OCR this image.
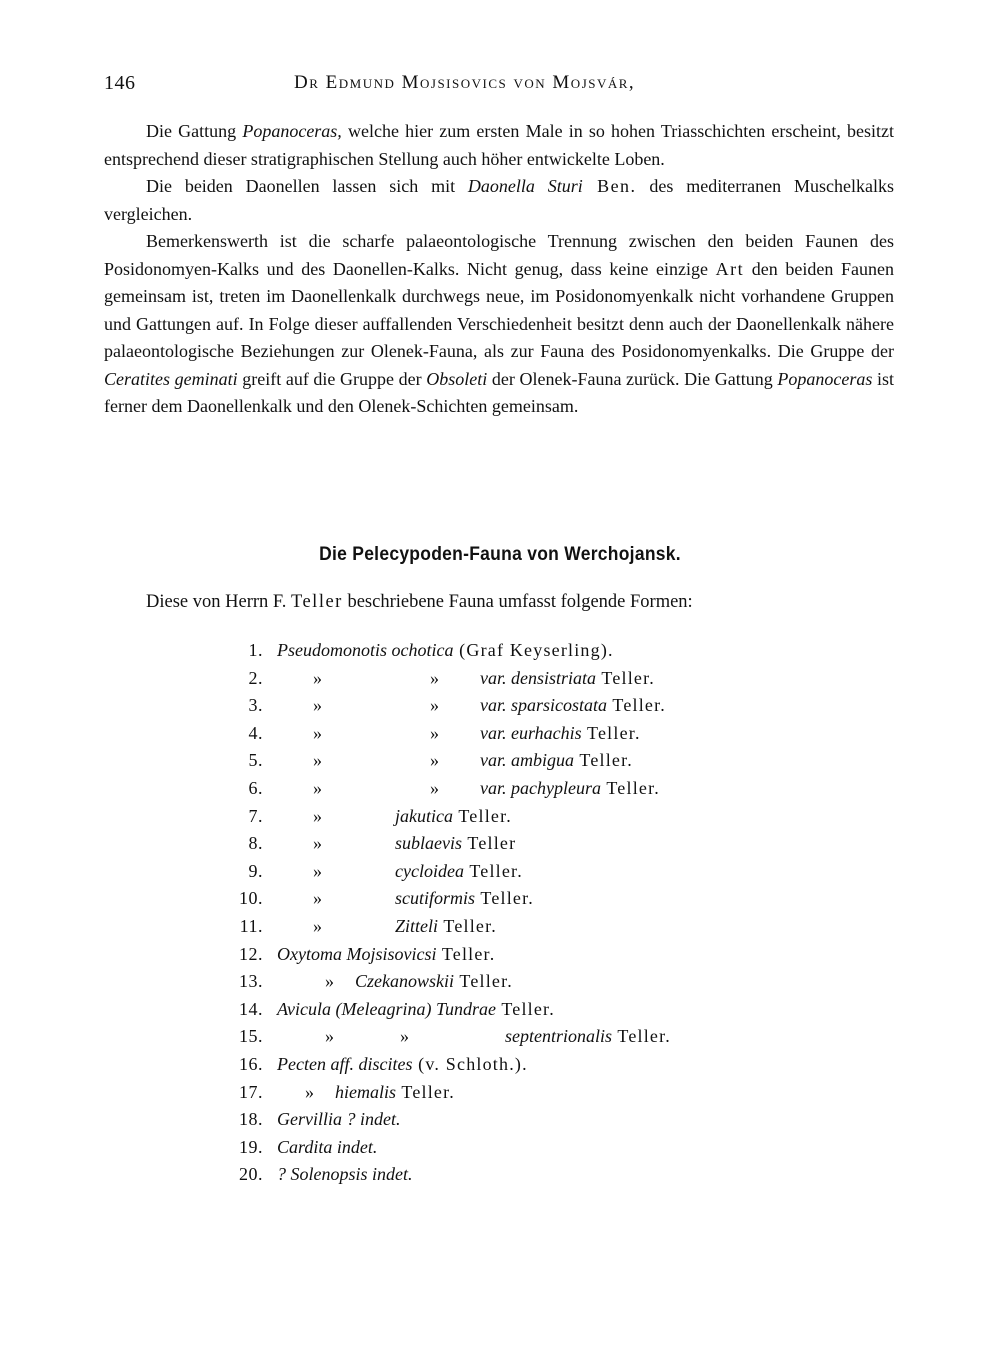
146	Dr Edmund Mojsisovics von Mojsvár,

Die Gattung Popanoceras, welche hier zum ersten Male in so hohen Triasschichten erscheint, besitzt entsprechend dieser stratigraphischen Stellung auch höher entwickelte Loben.

Die beiden Daonellen lassen sich mit Daonella Sturi Ben. des mediterranen Muschelkalks vergleichen.

Bemerkenswerth ist die scharfe palaeontologische Trennung zwischen den beiden Faunen des Posidonomyen-Kalks und des Daonellen-Kalks. Nicht genug, dass keine einzige Art den beiden Faunen gemeinsam ist, treten im Daonellenkalk durchwegs neue, im Posidonomyenkalk nicht vorhandene Gruppen und Gattungen auf. In Folge dieser auffallenden Verschiedenheit besitzt denn auch der Daonellenkalk nähere palaeontologische Beziehungen zur Olenek-Fauna, als zur Fauna des Posidonomyenkalks. Die Gruppe der Ceratites geminati greift auf die Gruppe der Obsoleti der Olenek-Fauna zurück. Die Gattung Popanoceras ist ferner dem Daonellenkalk und den Olenek-Schichten gemeinsam.

Die Pelecypoden-Fauna von Werchojansk.
Diese von Herrn F. Teller beschriebene Fauna umfasst folgende Formen:
1. Pseudomonotis ochotica (Graf Keyserling).
2.	»	» var. densistriata Teller.
3.	»	» var. sparsicostata Teller.
4.	»	» var. eurhachis Teller.
5.	»	» var. ambigua Teller.
6.	»	» var. pachypleura Teller.
7.	»	jakutica Teller.
8.	»	sublaevis Teller
9.	»	cycloidea Teller.
10.	»	scutiformis Teller.
11.	»	Zitteli Teller.
12. Oxytoma Mojsisovicsi Teller.
13.	» Czekanowskii Teller.
14. Avicula (Meleagrina) Tundrae Teller.
15.	»	»	septentrionalis Teller.
16. Pecten aff. discites (v. Schloth.).
17. » hiemalis Teller.
18. Gervillia ? indet.
19. Cardita indet.
20. ? Solenopsis indet.
